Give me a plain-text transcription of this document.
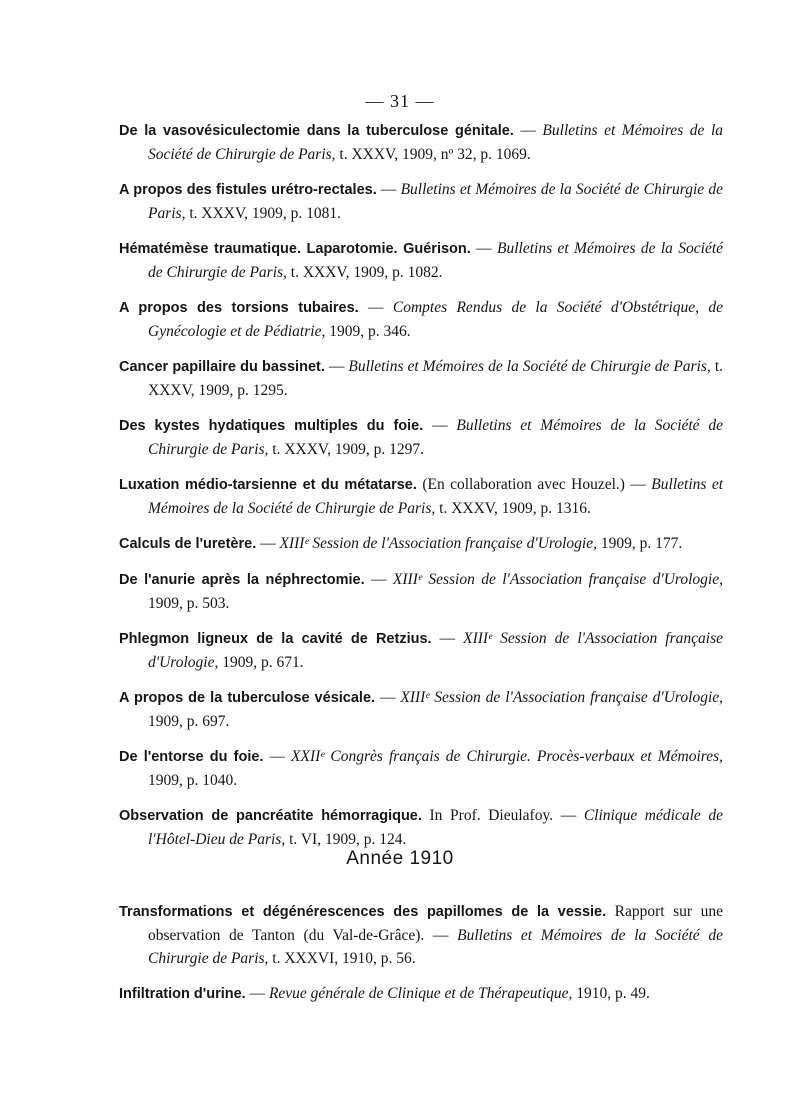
— 31 —

De la vasovésiculectomie dans la tuberculose génitale. — Bulletins et Mémoires de la Société de Chirurgie de Paris, t. XXXV, 1909, nº 32, p. 1069.

A propos des fistules urétro-rectales. — Bulletins et Mémoires de la Société de Chirurgie de Paris, t. XXXV, 1909, p. 1081.

Hématémèse traumatique. Laparotomie. Guérison. — Bulletins et Mémoires de la Société de Chirurgie de Paris, t. XXXV, 1909, p. 1082.

A propos des torsions tubaires. — Comptes Rendus de la Société d'Obstétrique, de Gynécologie et de Pédiatrie, 1909, p. 346.

Cancer papillaire du bassinet. — Bulletins et Mémoires de la Société de Chirurgie de Paris, t. XXXV, 1909, p. 1295.

Des kystes hydatiques multiples du foie. — Bulletins et Mémoires de la Société de Chirurgie de Paris, t. XXXV, 1909, p. 1297.

Luxation médio-tarsienne et du métatarse. (En collaboration avec Houzel.) — Bulletins et Mémoires de la Société de Chirurgie de Paris, t. XXXV, 1909, p. 1316.

Calculs de l'uretère. — XIIIᵉ Session de l'Association française d'Urologie, 1909, p. 177.

De l'anurie après la néphrectomie. — XIIIᵉ Session de l'Association française d'Urologie, 1909, p. 503.

Phlegmon ligneux de la cavité de Retzius. — XIIIᵉ Session de l'Association française d'Urologie, 1909, p. 671.

A propos de la tuberculose vésicale. — XIIIᵉ Session de l'Association française d'Urologie, 1909, p. 697.

De l'entorse du foie. — XXIIᵉ Congrès français de Chirurgie. Procès-verbaux et Mémoires, 1909, p. 1040.

Observation de pancréatite hémorragique. In Prof. Dieulafoy. — Clinique médicale de l'Hôtel-Dieu de Paris, t. VI, 1909, p. 124.

Année 1910

Transformations et dégénérescences des papillomes de la vessie. Rapport sur une observation de Tanton (du Val-de-Grâce). — Bulletins et Mémoires de la Société de Chirurgie de Paris, t. XXXVI, 1910, p. 56.

Infiltration d'urine. — Revue générale de Clinique et de Thérapeutique, 1910, p. 49.
